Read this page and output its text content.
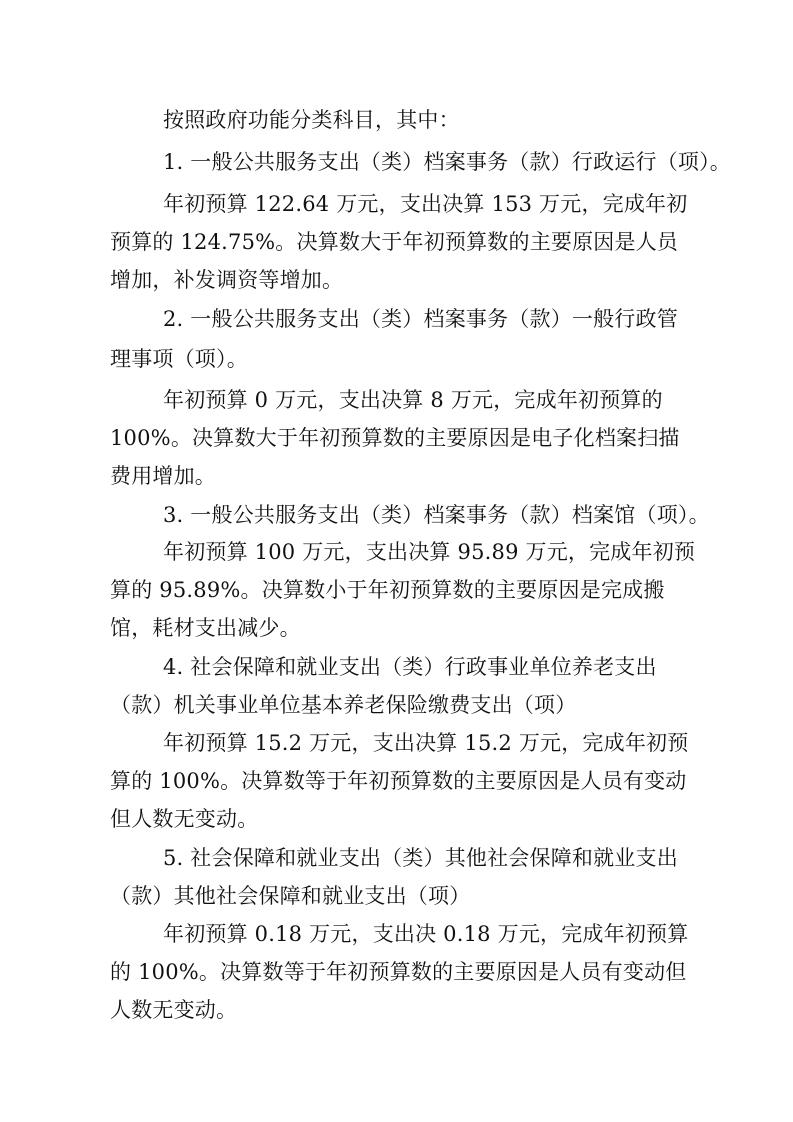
按照政府功能分类科目，其中：
1. 一般公共服务支出（类）档案事务（款）行政运行（项）。
年初预算 122.64 万元，支出决算 153 万元，完成年初
预算的 124.75%。决算数大于年初预算数的主要原因是人员
增加，补发调资等增加。
2. 一般公共服务支出（类）档案事务（款）一般行政管
理事项（项）。
年初预算 0 万元，支出决算 8 万元，完成年初预算的
100%。决算数大于年初预算数的主要原因是电子化档案扫描
费用增加。
3. 一般公共服务支出（类）档案事务（款）档案馆（项）。
年初预算 100 万元，支出决算 95.89 万元，完成年初预
算的 95.89%。决算数小于年初预算数的主要原因是完成搬
馆，耗材支出减少。
4. 社会保障和就业支出（类）行政事业单位养老支出
（款）机关事业单位基本养老保险缴费支出（项）
年初预算 15.2 万元，支出决算 15.2 万元，完成年初预
算的 100%。决算数等于年初预算数的主要原因是人员有变动
但人数无变动。
5. 社会保障和就业支出（类）其他社会保障和就业支出
（款）其他社会保障和就业支出（项）
年初预算 0.18 万元，支出决 0.18 万元，完成年初预算
的 100%。决算数等于年初预算数的主要原因是人员有变动但
人数无变动。
